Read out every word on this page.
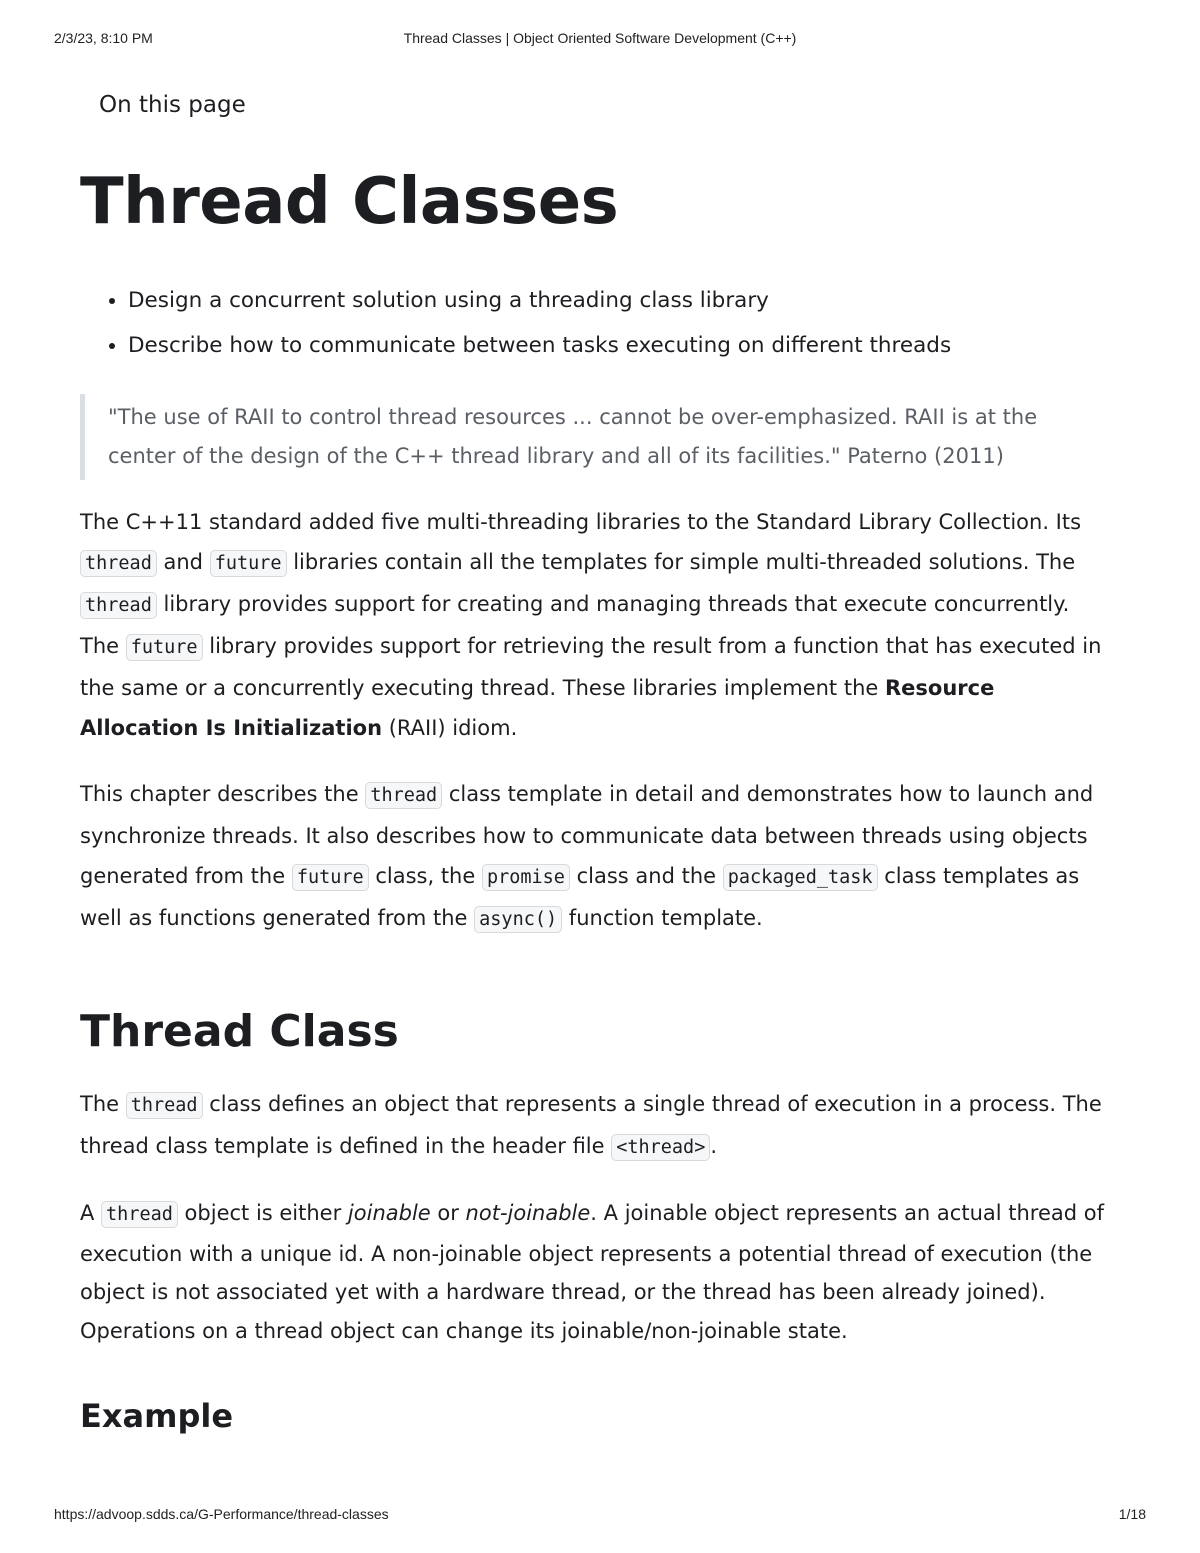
2/3/23, 8:10 PM	Thread Classes | Object Oriented Software Development (C++)
On this page
Thread Classes
• Design a concurrent solution using a threading class library
• Describe how to communicate between tasks executing on different threads
"The use of RAII to control thread resources ... cannot be over-emphasized. RAII is at the center of the design of the C++ thread library and all of its facilities." Paterno (2011)

The C++11 standard added five multi-threading libraries to the Standard Library Collection. Its thread and future libraries contain all the templates for simple multi-threaded solutions. The thread library provides support for creating and managing threads that execute concurrently. The future library provides support for retrieving the result from a function that has executed in the same or a concurrently executing thread. These libraries implement the Resource Allocation Is Initialization (RAII) idiom.

This chapter describes the thread class template in detail and demonstrates how to launch and synchronize threads. It also describes how to communicate data between threads using objects generated from the future class, the promise class and the packaged_task class templates as well as functions generated from the async() function template.

Thread Class

The thread class defines an object that represents a single thread of execution in a process. The thread class template is defined in the header file <thread> .

A thread object is either joinable or not-joinable. A joinable object represents an actual thread of execution with a unique id. A non-joinable object represents a potential thread of execution (the object is not associated yet with a hardware thread, or the thread has been already joined). Operations on a thread object can change its joinable/non-joinable state.

Example
https://advoop.sdds.ca/G-Performance/thread-classes	1/18
